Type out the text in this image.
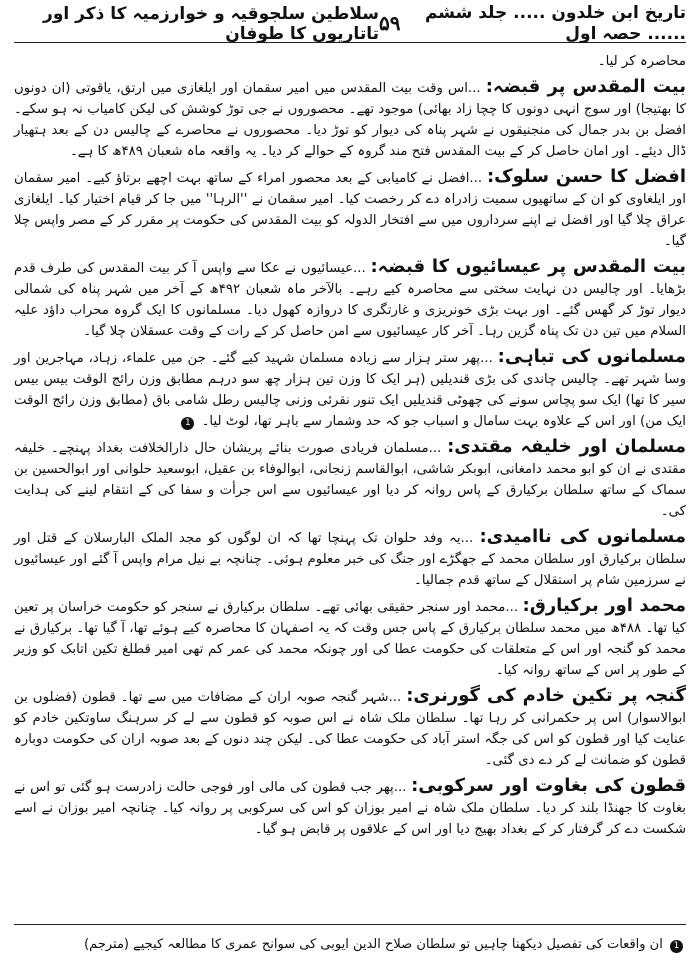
تاریخ ابن خلدون ..... جلد ششم ...... حصہ اول
۵۹
سلاطین سلجوقیہ و خوارزمیہ کا ذکر اور تاتاریوں کا طوفان

محاصرہ کر لیا۔

بیت المقدس پر قبضہ: ...اس وقت بیت المقدس میں امیر سقمان اور ایلغازی میں ارتق، یاقوتی (ان دونوں کا بھتیجا) اور سوج انہی دونوں کا چچا زاد بھائی) موجود تھے۔ محصوروں نے جی توڑ کوشش کی لیکن کامیاب نہ ہو سکے۔ افضل بن بدر جمال کی منجنیقوں نے شہر پناہ کی دیوار کو توڑ دیا۔ محصوروں نے محاصرے کے چالیس دن کے بعد ہتھیار ڈال دیئے۔ اور امان حاصل کر کے بیت المقدس فتح مند گروہ کے حوالے کر دیا۔ یہ واقعہ ماہ شعبان ۴۸۹ھ کا ہے۔

افضل کا حسن سلوک: ...افضل نے کامیابی کے بعد محصور امراء کے ساتھ بہت اچھے برتاؤ کیے۔ امیر سقمان اور ایلغاوی کو ان کے ساتھیوں سمیت زادراہ دے کر رخصت کیا۔ امیر سقمان نے ''الرہا'' میں جا کر قیام اختیار کیا۔ ایلغازی عراق چلا گیا اور افضل نے اپنے سرداروں میں سے افتخار الدولہ کو بیت المقدس کی حکومت پر مقرر کر کے مصر واپس چلا گیا۔

بیت المقدس پر عیسائیوں کا قبضہ: ...عیسائیوں نے عکا سے واپس آ کر بیت المقدس کی طرف قدم بڑھایا۔ اور چالیس دن نہایت سختی سے محاصرہ کیے رہے۔ بالآخر ماہ شعبان ۴۹۲ھ کے آخر میں شہر پناہ کی شمالی دیوار توڑ کر گھس گئے۔ اور بہت بڑی خونریزی و غارتگری کا دروازہ کھول دیا۔ مسلمانوں کا ایک گروہ محراب داؤد علیہ السلام میں تین دن تک پناہ گزین رہا۔ آخر کار عیسائیوں سے امن حاصل کر کے رات کے وقت عسقلان چلا گیا۔

مسلمانوں کی تباہی: ...پھر ستر ہزار سے زیادہ مسلمان شہید کیے گئے۔ جن میں علماء، زہاد، مہاجرین اور وسا شہر تھے۔ چالیس چاندی کی بڑی قندیلیں (ہر ایک کا وزن تین ہزار چھ سو درہم مطابق وزن رائج الوقت بیس بیس سیر کا تھا) ایک سو پچاس سونے کی چھوٹی قندیلیں ایک تنور نقرئی وزنی چالیس رطل شامی باق (مطابق وزن رائج الوقت ایک من) اور اس کے علاوہ بہت سامال و اسباب جو کہ حد وشمار سے باہر تھا، لوٹ لیا۔ 1

مسلمان اور خلیفہ مقتدی: ...مسلمان فریادی صورت بنائے پریشان حال دارالخلافت بغداد پہنچے۔ خلیفہ مقتدی نے ان کو ابو محمد دامغانی، ابوبکر شاشی، ابوالقاسم زنجانی، ابوالوفاء بن عقیل، ابوسعید حلوانی اور ابوالحسین بن سماک کے ساتھ سلطان برکیارق کے پاس روانہ کر دیا اور عیسائیوں سے اس جرأت و سفا کی کے انتقام لینے کی ہدایت کی۔

مسلمانوں کی ناامیدی: ...یہ وفد حلوان تک پہنچا تھا کہ ان لوگوں کو مجد الملک البارسلان کے قتل اور سلطان برکیارق اور سلطان محمد کے جھگڑے اور جنگ کی خبر معلوم ہوئی۔ چنانچہ بے نیل مرام واپس آ گئے اور عیسائیوں نے سرزمین شام پر استقلال کے ساتھ قدم جمالیا۔

محمد اور برکیارق: ...محمد اور سنجر حقیقی بھائی تھے۔ سلطان برکیارق نے سنجر کو حکومت خراسان پر تعین کیا تھا۔ ۴۸۸ھ میں محمد سلطان برکیارق کے پاس جس وقت کہ یہ اصفہان کا محاصرہ کیے ہوئے تھا، آ گیا تھا۔ برکیارق نے محمد کو گنجہ اور اس کے متعلقات کی حکومت عطا کی اور چونکہ محمد کی عمر کم تھی امیر قطلغ تکین اتابک کو وزیر کے طور پر اس کے ساتھ روانہ کیا۔

گنجہ پر تکین خادم کی گورنری: ...شہر گنجہ صوبہ اران کے مضافات میں سے تھا۔ قطون (فضلوں بن ابوالاسوار) اس پر حکمرانی کر رہا تھا۔ سلطان ملک شاہ نے اس صوبہ کو قطون سے لے کر سرہنگ ساوتکین خادم کو عنایت کیا اور قطون کو اس کی جگہ استر آباد کی حکومت عطا کی۔ لیکن چند دنوں کے بعد صوبہ اران کی حکومت دوبارہ قطون کو ضمانت لے کر دے دی گئی۔

قطون کی بغاوت اور سرکوبی: ...پھر جب قطون کی مالی اور فوجی حالت زادرست ہو گئی تو اس نے بغاوت کا جھنڈا بلند کر دیا۔ سلطان ملک شاہ نے امیر بوزان کو اس کی سرکوبی پر روانہ کیا۔ چنانچہ امیر بوزان نے اسے شکست دے کر گرفتار کر کے بغداد بھیج دیا اور اس کے علاقوں پر قابض ہو گیا۔

1 ان واقعات کی تفصیل دیکھنا چاہیں تو سلطان صلاح الدین ایوبی کی سوانح عمری کا مطالعہ کیجیے (مترجم)
